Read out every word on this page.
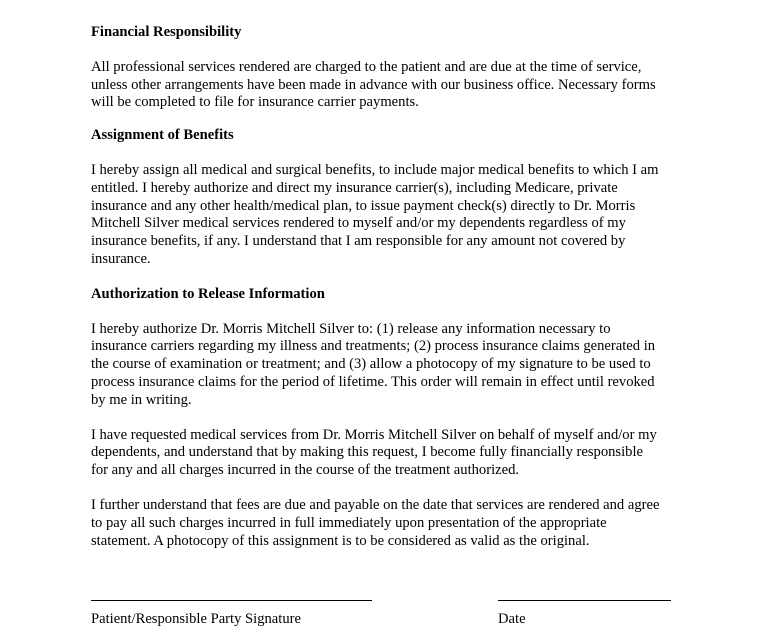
Financial Responsibility

All professional services rendered are charged to the patient and are due at the time of service,
unless other arrangements have been made in advance with our business office. Necessary forms
will be completed to file for insurance carrier payments.

Assignment of Benefits

I hereby assign all medical and surgical benefits, to include major medical benefits to which I am
entitled. I hereby authorize and direct my insurance carrier(s), including Medicare, private
insurance and any other health/medical plan, to issue payment check(s) directly to Dr. Morris
Mitchell Silver medical services rendered to myself and/or my dependents regardless of my
insurance benefits, if any. I understand that I am responsible for any amount not covered by
insurance.

Authorization to Release Information

I hereby authorize Dr. Morris Mitchell Silver to: (1) release any information necessary to
insurance carriers regarding my illness and treatments; (2) process insurance claims generated in
the course of examination or treatment; and (3) allow a photocopy of my signature to be used to
process insurance claims for the period of lifetime. This order will remain in effect until revoked
by me in writing.

I have requested medical services from Dr. Morris Mitchell Silver on behalf of myself and/or my
dependents, and understand that by making this request, I become fully financially responsible
for any and all charges incurred in the course of the treatment authorized.

I further understand that fees are due and payable on the date that services are rendered and agree
to pay all such charges incurred in full immediately upon presentation of the appropriate
statement. A photocopy of this assignment is to be considered as valid as the original.

Patient/Responsible Party Signature	Date
